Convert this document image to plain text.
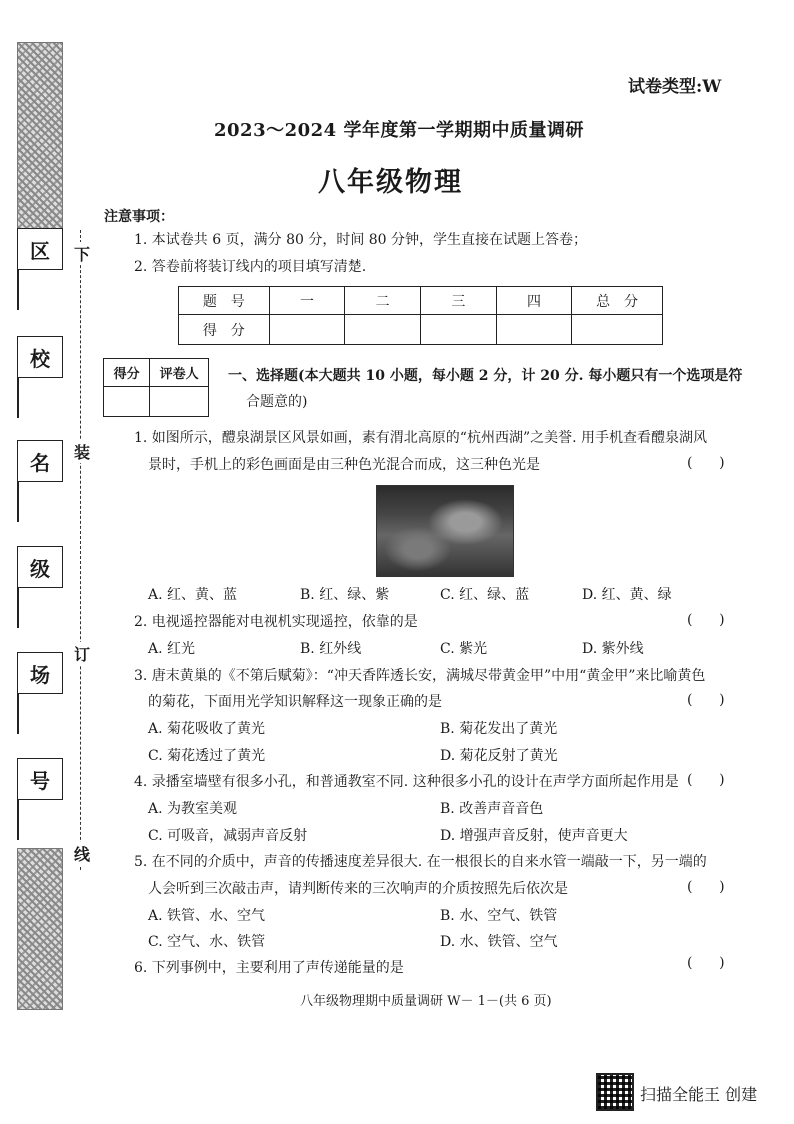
区
校
名
级
场
号
下
装
订
线
试卷类型:W
2023～2024 学年度第一学期期中质量调研
八年级物理
注意事项：
1. 本试卷共 6 页，满分 80 分，时间 80 分钟，学生直接在试题上答卷；
2. 答卷前将装订线内的项目填写清楚.
题　号	一	二	三	四	总　分
得　分					
得分	评卷人
	一、选择题(本大题共 10 小题，每小题 2 分，计 20 分. 每小题只有一个选项是符
合题意的)
1. 如图所示，醴泉湖景区风景如画，素有渭北高原的“杭州西湖”之美誉. 用手机查看醴泉湖风
景时，手机上的彩色画面是由三种色光混合而成，这三种色光是	(      )
A. 红、黄、蓝	B. 红、绿、紫	C. 红、绿、蓝	D. 红、黄、绿
2. 电视遥控器能对电视机实现遥控，依靠的是	(      )
A. 红光	B. 红外线	C. 紫光	D. 紫外线
3. 唐末黄巢的《不第后赋菊》：“冲天香阵透长安，满城尽带黄金甲”中用“黄金甲”来比喻黄色
的菊花，下面用光学知识解释这一现象正确的是	(      )
A. 菊花吸收了黄光	B. 菊花发出了黄光
C. 菊花透过了黄光	D. 菊花反射了黄光
4. 录播室墙壁有很多小孔，和普通教室不同. 这种很多小孔的设计在声学方面所起作用是 (      )
A. 为教室美观	B. 改善声音音色
C. 可吸音，减弱声音反射	D. 增强声音反射，使声音更大
5. 在不同的介质中，声音的传播速度差异很大. 在一根很长的自来水管一端敲一下，另一端的
人会听到三次敲击声，请判断传来的三次响声的介质按照先后依次是	(      )
A. 铁管、水、空气	B. 水、空气、铁管
C. 空气、水、铁管	D. 水、铁管、空气
6. 下列事例中，主要利用了声传递能量的是	(      )
八年级物理期中质量调研 W－ 1－(共 6 页)
扫描全能王 创建
